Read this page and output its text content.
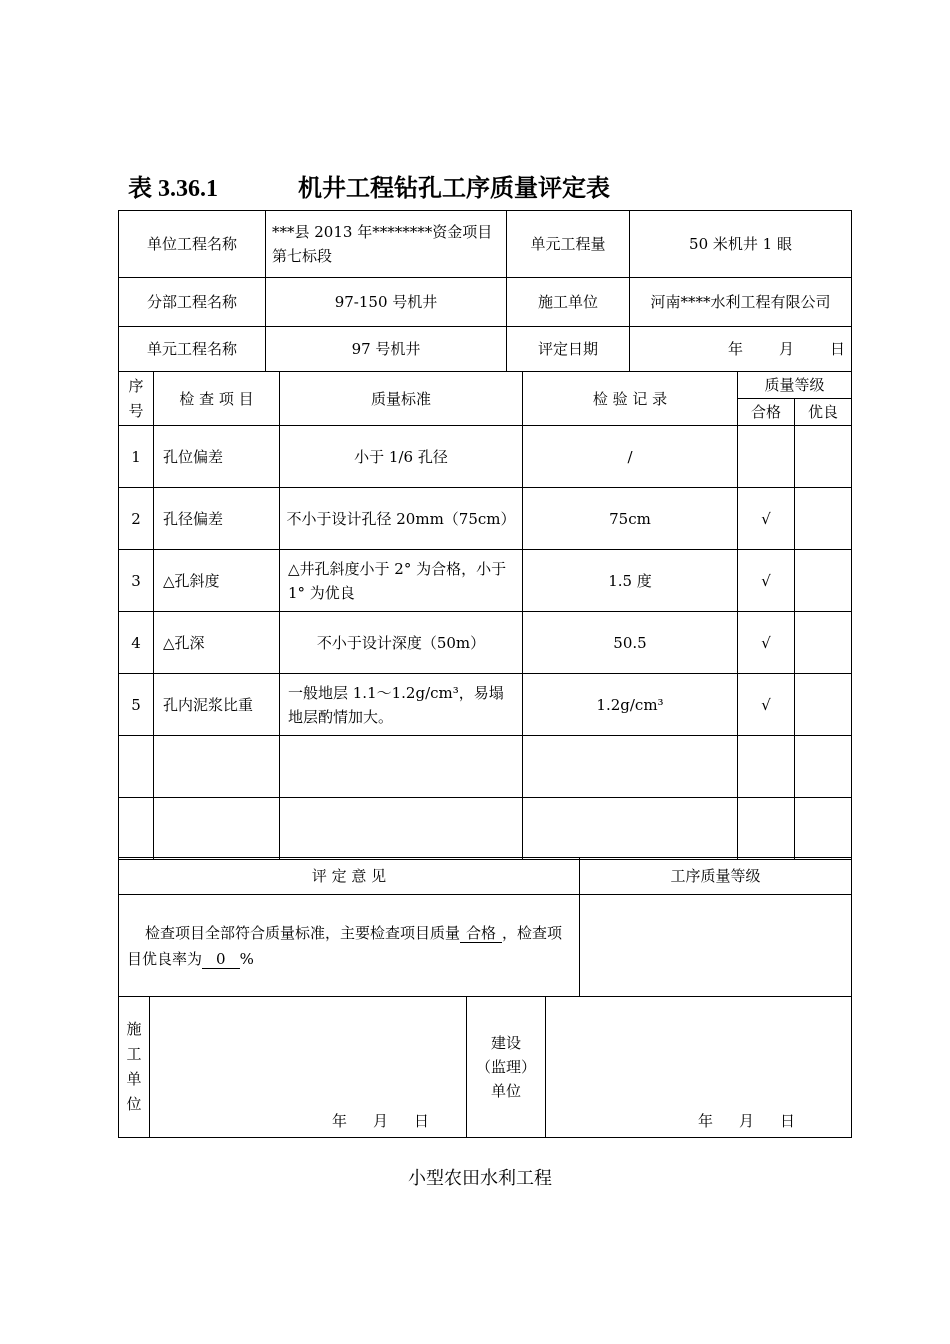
表 3.36.1	机井工程钻孔工序质量评定表
单位工程名称	***县 2013 年********资金项目第七标段	单元工程量	50 米机井 1 眼
分部工程名称	97-150 号机井	施工单位	河南****水利工程有限公司
单元工程名称	97 号机井	评定日期	年 月 日
序号	检 查 项 目	质量标准	检 验 记 录	质量等级	
				合格	优良
1	孔位偏差	小于 1/6 孔径	/		
2	孔径偏差	不小于设计孔径 20mm（75cm）	75cm	√	
3	△孔斜度	△井孔斜度小于 2° 为合格，小于 1° 为优良	1.5 度	√	
4	△孔深	不小于设计深度（50m）	50.5	√	
5	孔内泥浆比重	一般地层 1.1～1.2g/cm³，易塌地层酌情加大。	1.2g/cm³	√	

评 定 意 见	工序质量等级
检查项目全部符合质量标准，主要检查项目质量 合格 ，检查项目优良率为 0 %	
施工单位

年 月 日

建设
（监理）
单位

年 月 日
小型农田水利工程
